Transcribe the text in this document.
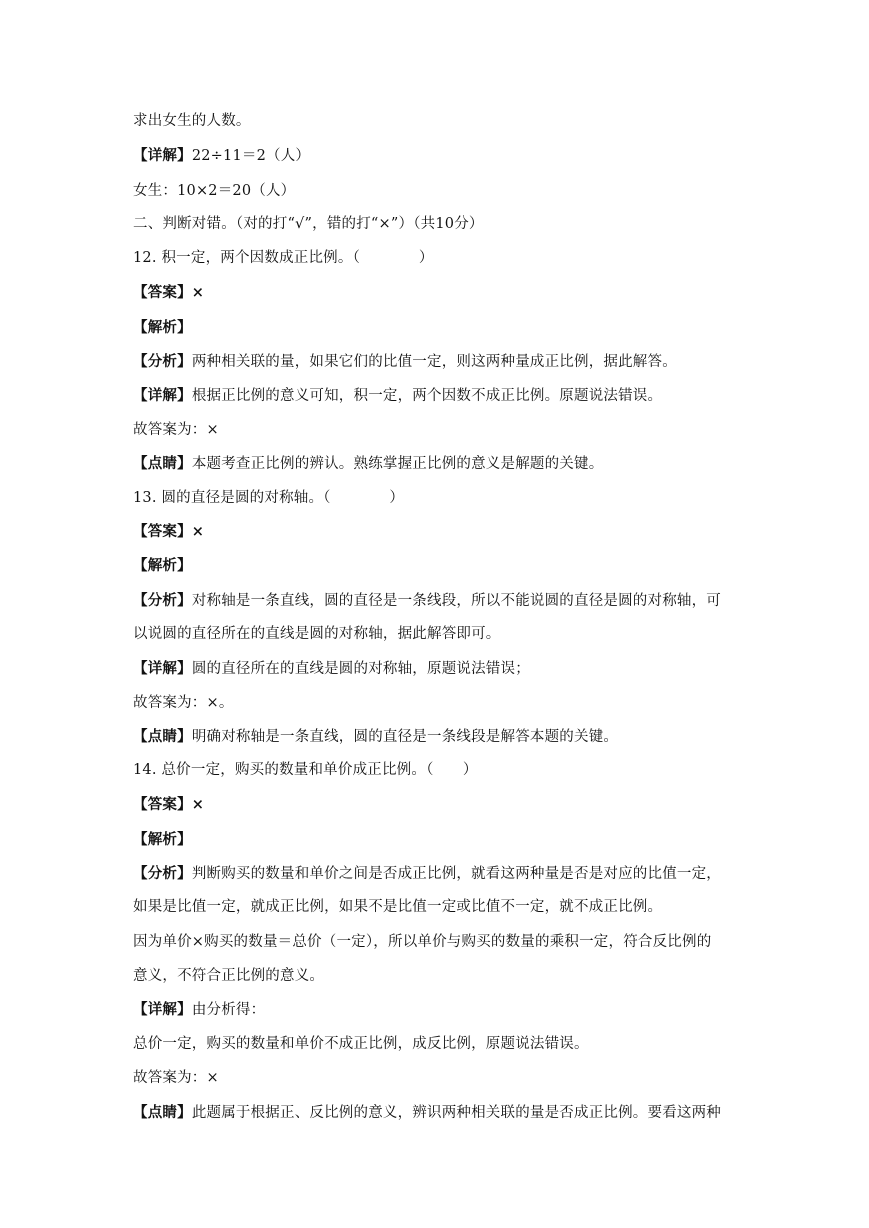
求出女生的人数。
【详解】22÷11＝2（人）
女生：10×2＝20（人）
二、判断对错。（对的打“√”，错的打“×”）（共10分）
12. 积一定，两个因数成正比例。（　　　　）
【答案】×
【解析】
【分析】两种相关联的量，如果它们的比值一定，则这两种量成正比例，据此解答。
【详解】根据正比例的意义可知，积一定，两个因数不成正比例。原题说法错误。
故答案为：×
【点睛】本题考查正比例的辨认。熟练掌握正比例的意义是解题的关键。
13. 圆的直径是圆的对称轴。（　　　　）
【答案】×
【解析】
【分析】对称轴是一条直线，圆的直径是一条线段，所以不能说圆的直径是圆的对称轴，可
以说圆的直径所在的直线是圆的对称轴，据此解答即可。
【详解】圆的直径所在的直线是圆的对称轴，原题说法错误；
故答案为：×。
【点睛】明确对称轴是一条直线，圆的直径是一条线段是解答本题的关键。
14. 总价一定，购买的数量和单价成正比例。（　　）
【答案】×
【解析】
【分析】判断购买的数量和单价之间是否成正比例，就看这两种量是否是对应的比值一定，
如果是比值一定，就成正比例，如果不是比值一定或比值不一定，就不成正比例。
因为单价×购买的数量＝总价（一定），所以单价与购买的数量的乘积一定，符合反比例的
意义，不符合正比例的意义。
【详解】由分析得：
总价一定，购买的数量和单价不成正比例，成反比例，原题说法错误。
故答案为：×
【点睛】此题属于根据正、反比例的意义，辨识两种相关联的量是否成正比例。要看这两种
